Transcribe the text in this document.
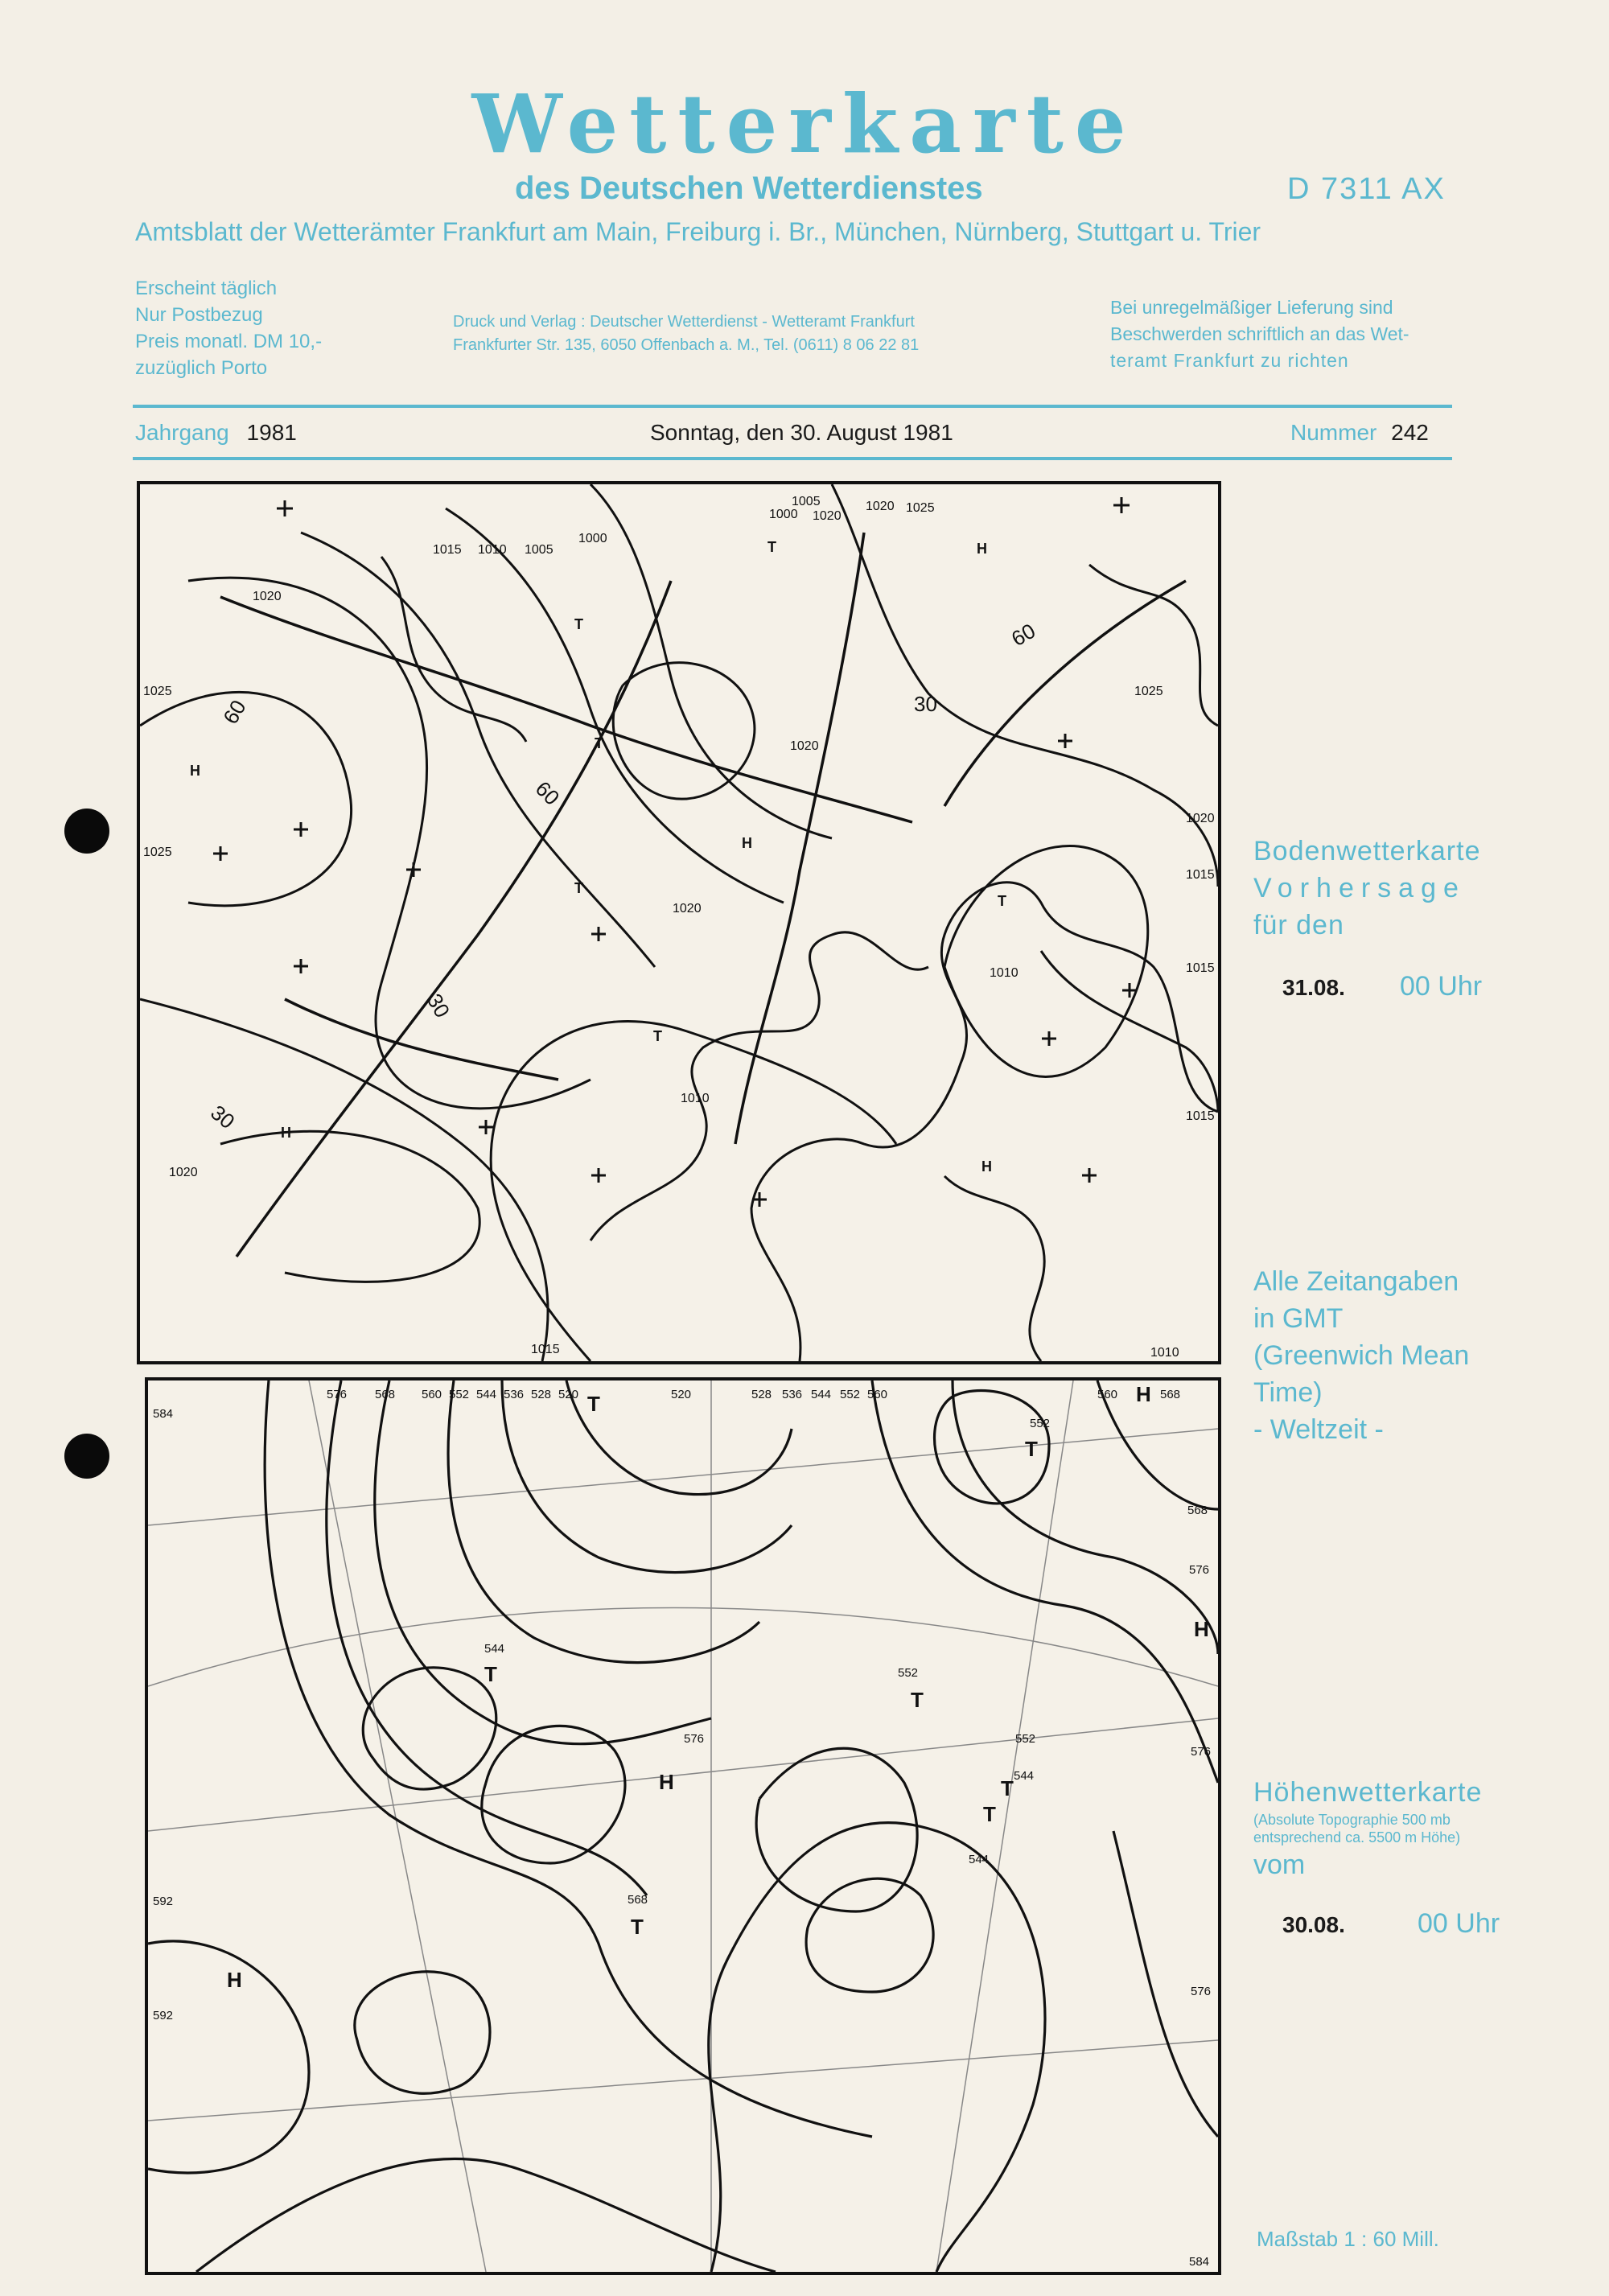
Wetterkarte
des Deutschen Wetterdienstes	D 7311 AX
Amtsblatt der Wetterämter Frankfurt am Main, Freiburg i. Br., München, Nürnberg, Stuttgart u. Trier
Erscheint täglich
Nur Postbezug
Preis monatl. DM 10,-
zuzüglich Porto
Druck und Verlag : Deutscher Wetterdienst - Wetteramt Frankfurt
Frankfurter Str. 135, 6050 Offenbach a. M., Tel. (0611) 8 06 22 81
Bei unregelmäßiger Lieferung sind
Beschwerden schriftlich an das Wet-
teramt Frankfurt zu richten
Jahrgang 1981	Sonntag, den 30. August 1981	Nummer 242
1000
1005
1010
1015
1020
1025
1000
1005	1020 1025
1020
1025
1020
1015
1010
1020
1020
1010
1015
1015
1010
1015
1020
1025
H
H
H
H
H
T
T
T
T
T
T
60
60
60
30
30
30
Bodenwetterkarte
Vorhersage
für den
31.08. 00 Uhr
Alle Zeitangaben
in GMT
(Greenwich Mean
Time)
- Weltzeit -
576 568 560 552 544 536 528 520	520	528 536 544 552 560	560	568
584
552
568
576
544
552
576	552
544
544
576
568
576
592
592
584
T
T
T
T
T
T
T
H
H
H
H
Höhenwetterkarte
(Absolute Topographie 500 mb
entsprechend ca. 5500 m Höhe)
vom
30.08.	00 Uhr
Maßstab 1 : 60 Mill.
